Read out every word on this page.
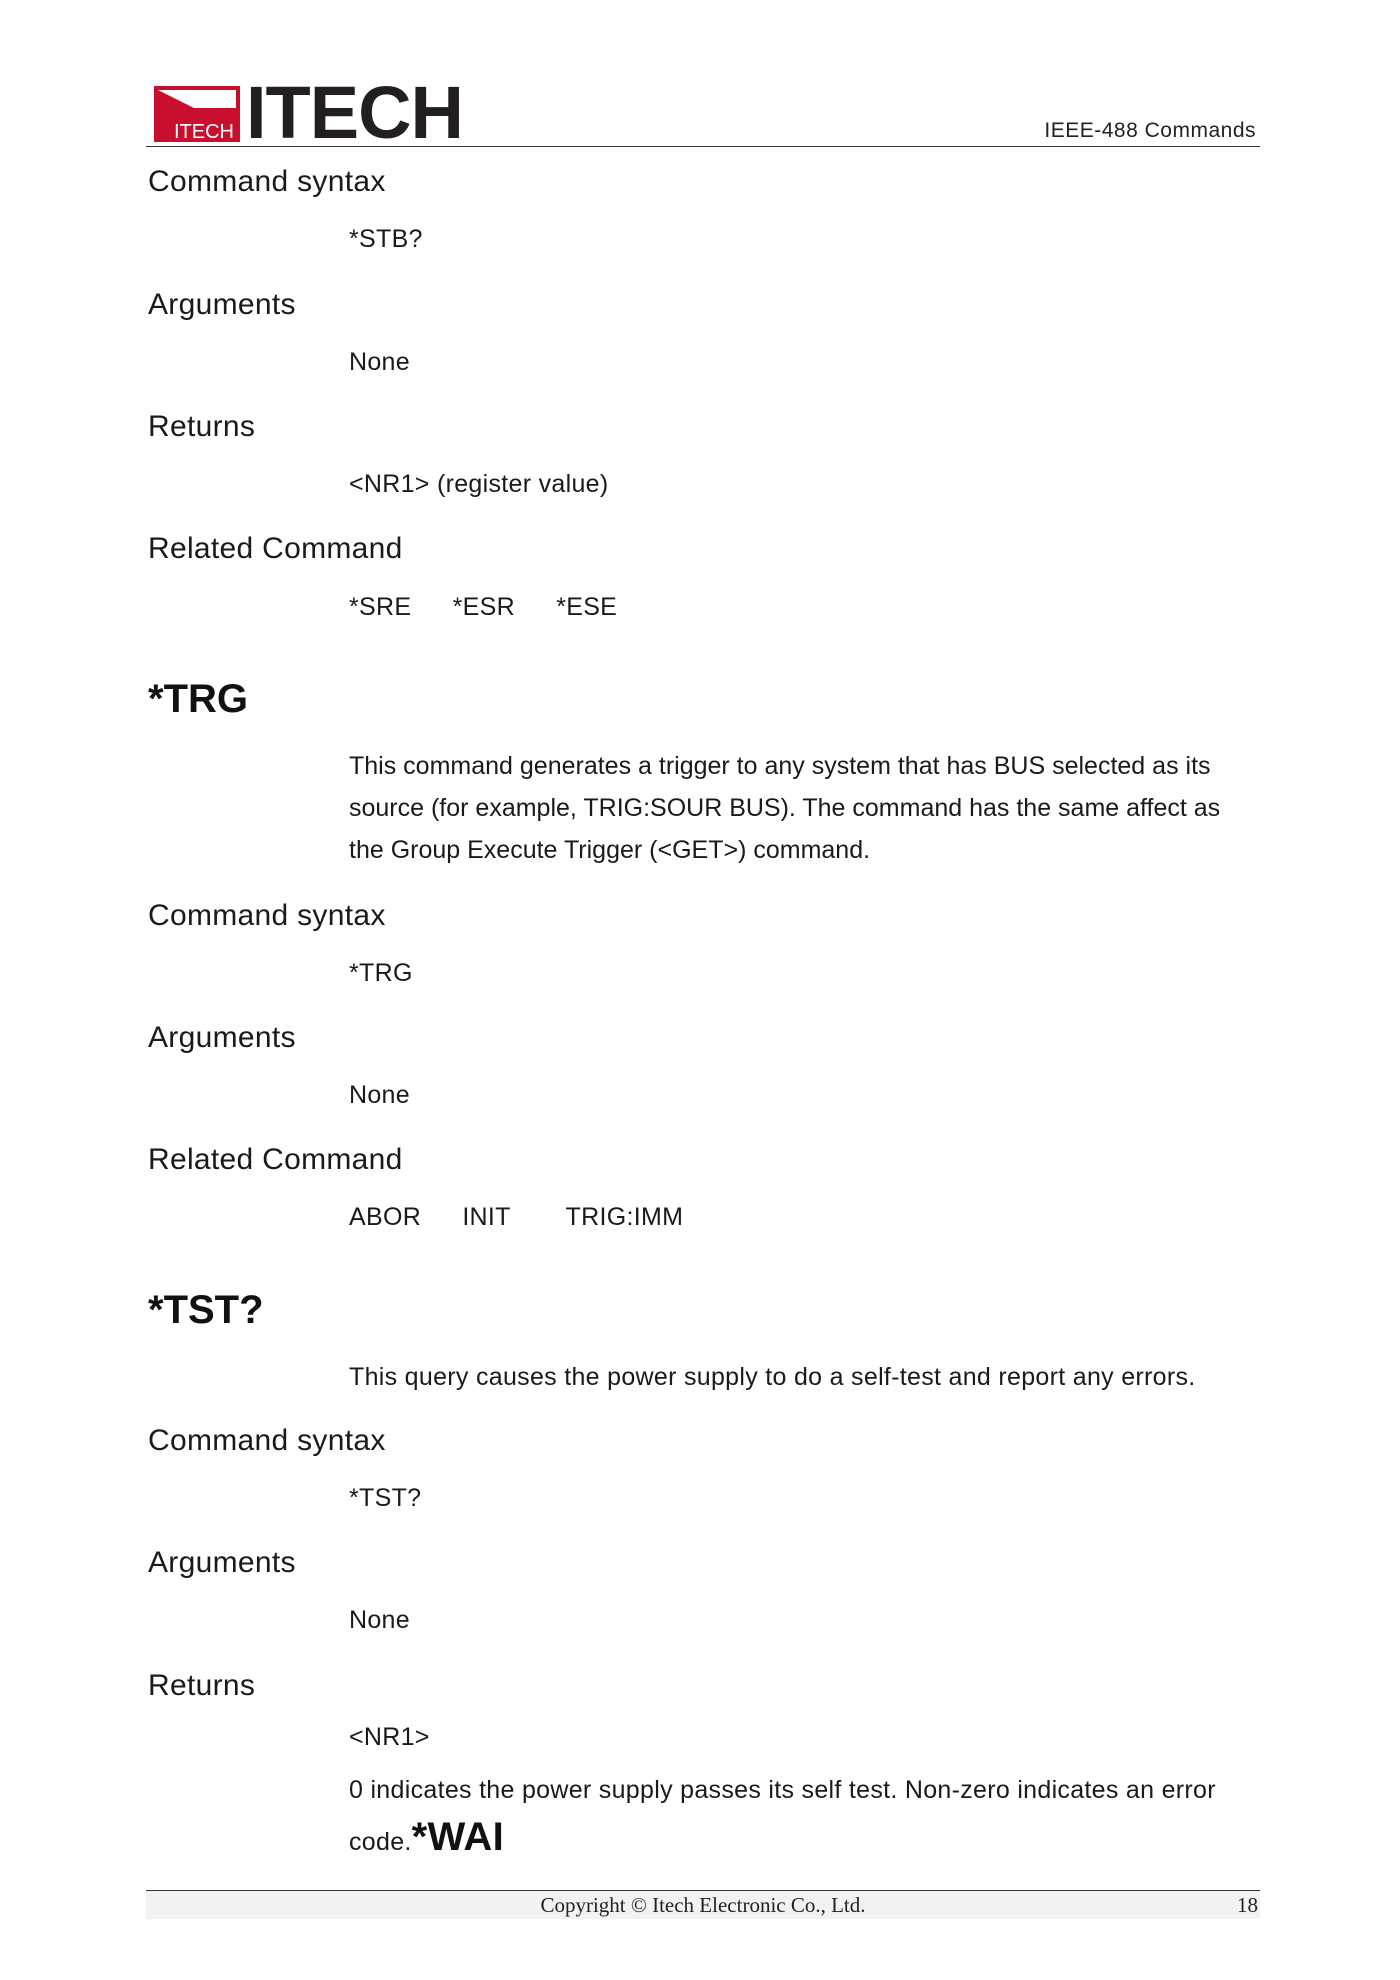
ITECH ITECH	IEEE-488 Commands
Command syntax
*STB?
Arguments
None
Returns
<NR1> (register value)
Related Command
*SRE *ESR *ESE
*TRG
This command generates a trigger to any system that has BUS selected as its
source (for example, TRIG:SOUR BUS). The command has the same affect as
the Group Execute Trigger (<GET>) command.
Command syntax
*TRG
Arguments
None
Related Command
ABOR INIT TRIG:IMM
*TST?
This query causes the power supply to do a self-test and report any errors.
Command syntax
*TST?
Arguments
None
Returns
<NR1>
0 indicates the power supply passes its self test. Non-zero indicates an error
code.*WAI
Copyright © Itech Electronic Co., Ltd.	18
